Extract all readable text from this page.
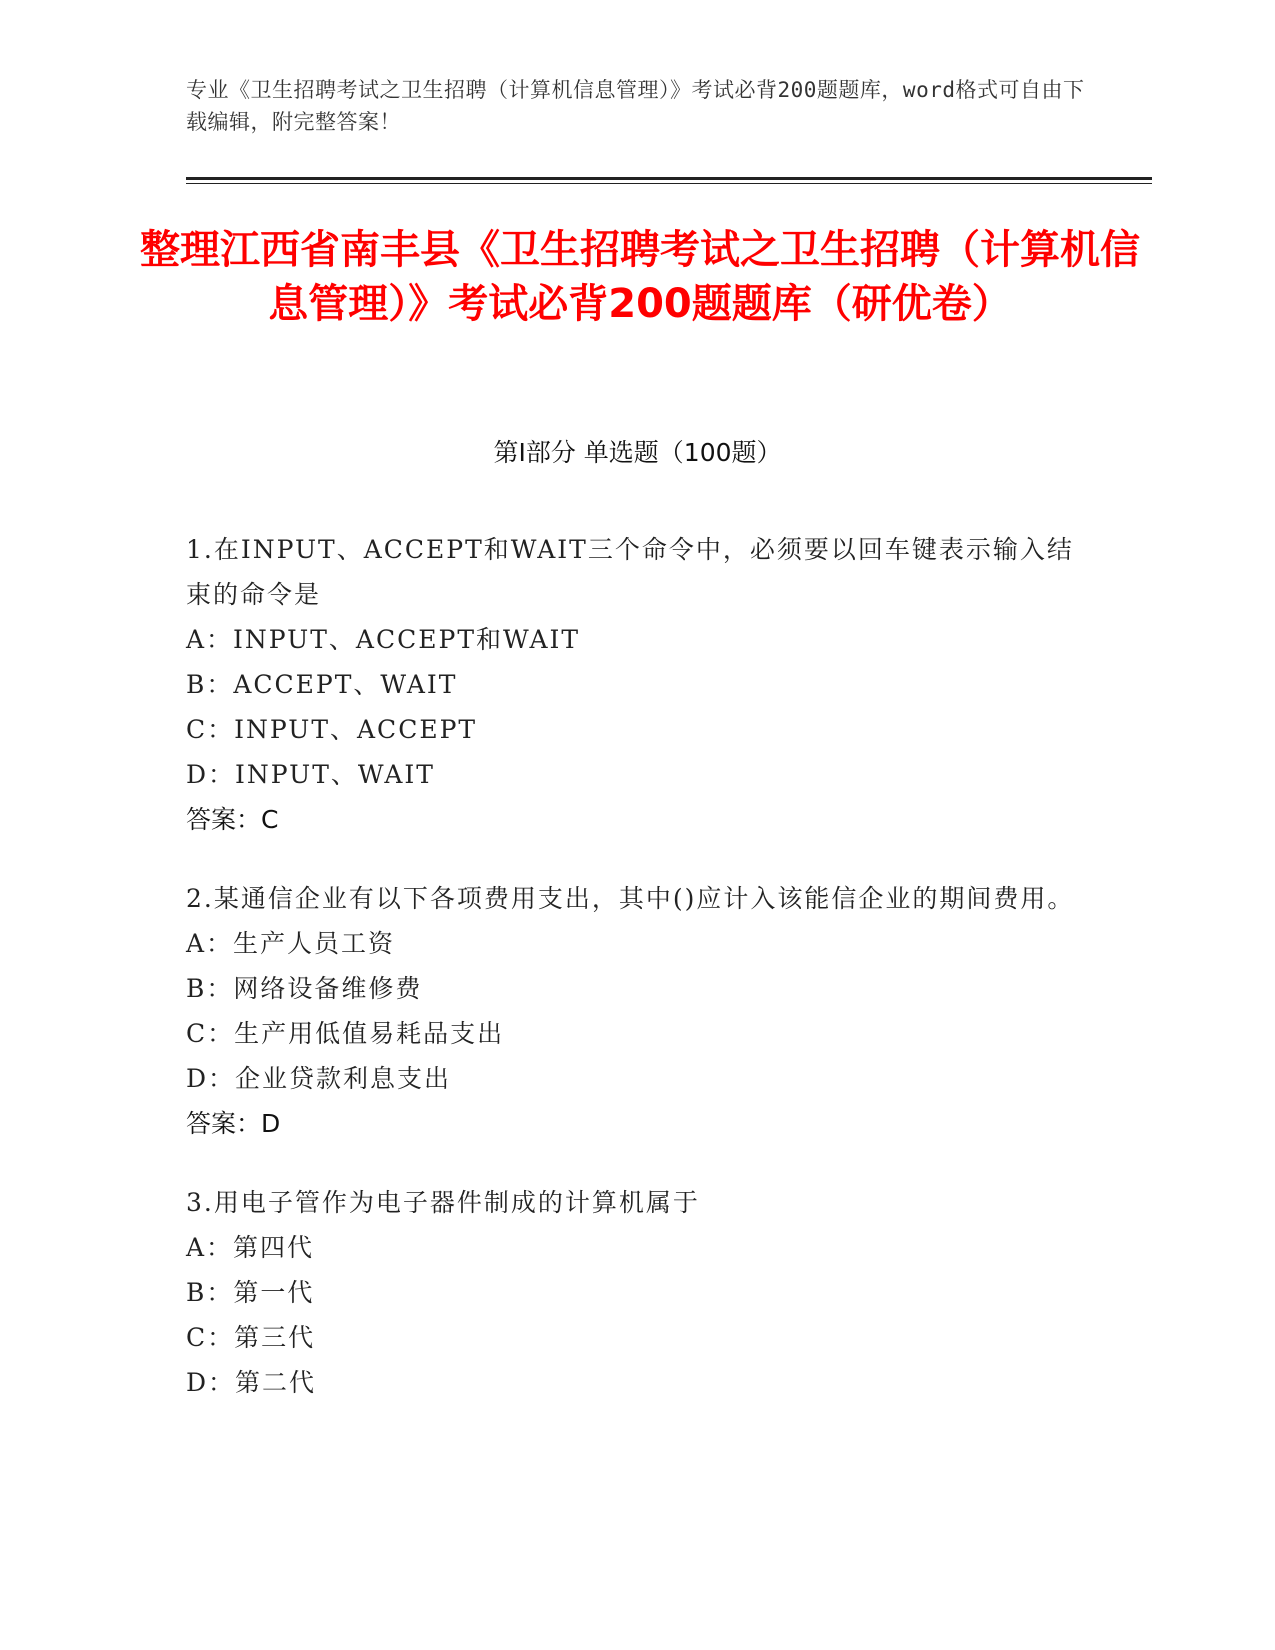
专业《卫生招聘考试之卫生招聘（计算机信息管理）》考试必背200题题库，word格式可自由下载编辑，附完整答案！
整理江西省南丰县《卫生招聘考试之卫生招聘（计算机信息管理）》考试必背200题题库（研优卷）
第Ⅰ部分 单选题（100题）
1.在INPUT、ACCEPT和WAIT三个命令中，必须要以回车键表示输入结束的命令是
A：INPUT、ACCEPT和WAIT
B：ACCEPT、WAIT
C：INPUT、ACCEPT
D：INPUT、WAIT
答案：C
2.某通信企业有以下各项费用支出，其中()应计入该能信企业的期间费用。
A：生产人员工资
B：网络设备维修费
C：生产用低值易耗品支出
D：企业贷款利息支出
答案：D
3.用电子管作为电子器件制成的计算机属于
A：第四代
B：第一代
C：第三代
D：第二代
